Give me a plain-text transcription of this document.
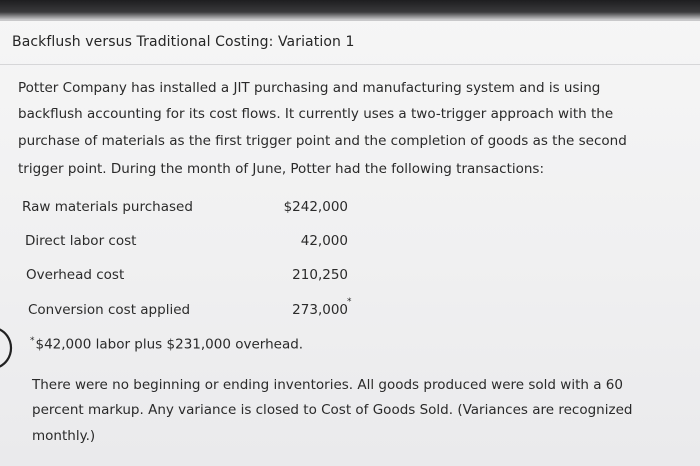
Backflush versus Traditional Costing: Variation 1

Potter Company has installed a JIT purchasing and manufacturing system and is using

backflush accounting for its cost flows. It currently uses a two-trigger approach with the

purchase of materials as the first trigger point and the completion of goods as the second

trigger point. During the month of June, Potter had the following transactions:

Raw materials purchased	$242,000
Direct labor cost	42,000
Overhead cost	210,250
Conversion cost applied	273,000 *
*$42,000 labor plus $231,000 overhead.

There were no beginning or ending inventories. All goods produced were sold with a 60

percent markup. Any variance is closed to Cost of Goods Sold. (Variances are recognized

monthly.)
